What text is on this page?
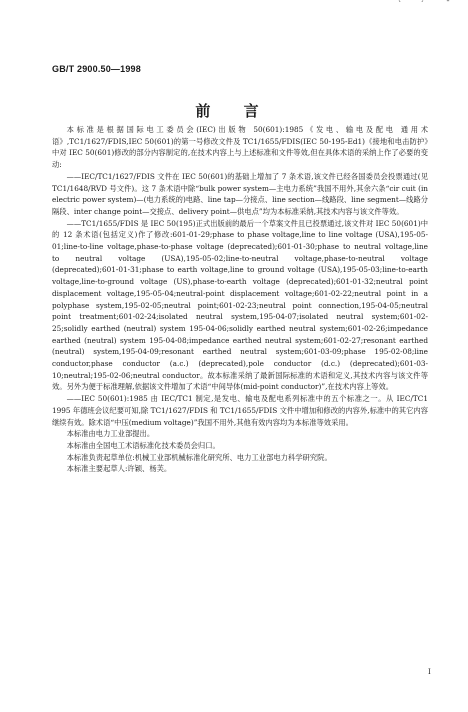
GB/T 2900.50—1998
前 言

本标准是根据国际电工委员会(IEC)出版物 50(601):1985《发电、输电及配电 通用术语》,TC1/1627/FDIS,IEC 50(601)的第一号修改文件及 TC1/1655/FDIS(IEC 50-195-Ed1)《接地和电击防护》中对 IEC 50(601)修改的部分内容制定的,在技术内容上与上述标准和文件等效,但在具体术语的采纳上作了必要的变动:

——IEC/TC1/1627/FDIS 文件在 IEC 50(601)的基础上增加了 7 条术语,该文件已经各国委员会投票通过(见 TC1/1648/RVD 号文件)。这 7 条术语中除“bulk power system—主电力系统”我国不用外,其余六条“cir cuit (in electric power system)—(电力系统的)电路、line tap—分接点、line section—线路段、line segment—线路分隔段、inter change point—交接点、delivery point—供电点”均为本标准采纳,其技术内容与该文件等效。

——TC1/1655/FDIS 是 IEC 50(195)正式出版前的最后一个草案文件且已投票通过,该文件对 IEC 50(601)中的 12 条术语(包括定义)作了修改:601-01-29;phase to phase voltage,line to line voltage (USA),195-05-01;line-to-line voltage,phase-to-phase voltage (deprecated);601-01-30;phase to neutral voltage,line to neutral voltage (USA),195-05-02;line-to-neutral voltage,phase-to-neutral voltage (deprecated);601-01-31;phase to earth voltage,line to ground voltage (USA),195-05-03;line-to-earth voltage,line-to-ground voltage (US),phase-to-earth voltage (deprecated);601-01-32;neutral point displacement voltage,195-05-04;neutral-point displacement voltage;601-02-22;neutral point in a polyphase system,195-02-05;neutral point;601-02-23;neutral point connection,195-04-05;neutral point treatment;601-02-24;isolated neutral system,195-04-07;isolated neutral system;601-02-25;solidly earthed (neutral) system 195-04-06;solidly earthed neutral system;601-02-26;impedance earthed (neutral) system 195-04-08;impedance earthed neutral system;601-02-27;resonant earthed (neutral) system,195-04-09;resonant earthed neutral system;601-03-09;phase 195-02-08;line conductor,phase conductor (a.c.) (deprecated),pole conductor (d.c.) (deprecated);601-03-10;neutral;195-02-06;neutral conductor。故本标准采纳了最新国际标准的术语和定义,其技术内容与该文件等效。另外为便于标准理解,依据该文件增加了术语“中间导体(mid-point conductor)”,在技术内容上等效。

——IEC 50(601):1985 由 IEC/TC1 制定,是发电、输电及配电系列标准中的五个标准之一。从 IEC/TC1 1995 年德班会议纪要可知,除 TC1/1627/FDIS 和 TC1/1655/FDIS 文件中增加和修改的内容外,标准中的其它内容继续有效。除术语“中压(medium voltage)”我国不用外,其他有效内容均为本标准等效采用。

本标准由电力工业部提出。

本标准由全国电工术语标准化技术委员会归口。

本标准负责起草单位:机械工业部机械标准化研究所、电力工业部电力科学研究院。

本标准主要起草人:许颖、杨芙。

I
ˋ ˊ	ˉ
